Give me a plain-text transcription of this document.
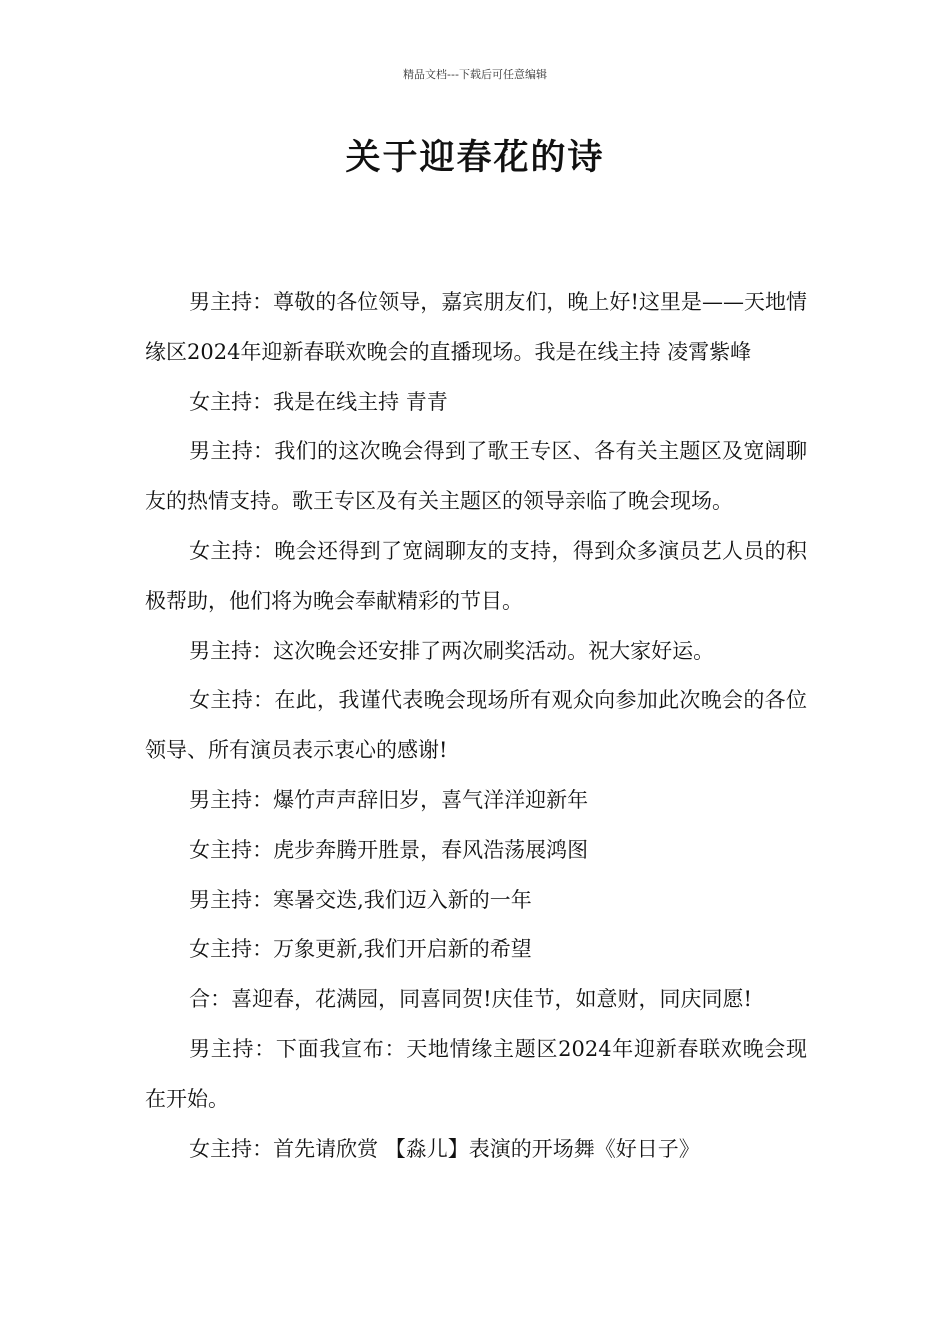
精品文档---下载后可任意编辑
关于迎春花的诗

男主持：尊敬的各位领导，嘉宾朋友们，晚上好!这里是——天地情缘区2024年迎新春联欢晚会的直播现场。我是在线主持 凌霄紫峰

女主持：我是在线主持 青青

男主持：我们的这次晚会得到了歌王专区、各有关主题区及宽阔聊友的热情支持。歌王专区及有关主题区的领导亲临了晚会现场。

女主持：晚会还得到了宽阔聊友的支持，得到众多演员艺人员的积极帮助，他们将为晚会奉献精彩的节目。

男主持：这次晚会还安排了两次刷奖活动。祝大家好运。

女主持：在此，我谨代表晚会现场所有观众向参加此次晚会的各位领导、所有演员表示衷心的感谢!

男主持：爆竹声声辞旧岁，喜气洋洋迎新年

女主持：虎步奔腾开胜景，春风浩荡展鸿图

男主持：寒暑交迭,我们迈入新的一年

女主持：万象更新,我们开启新的希望

合：喜迎春，花满园，同喜同贺!庆佳节，如意财，同庆同愿!

男主持：下面我宣布：天地情缘主题区2024年迎新春联欢晚会现在开始。

女主持：首先请欣赏 【淼儿】表演的开场舞《好日子》
